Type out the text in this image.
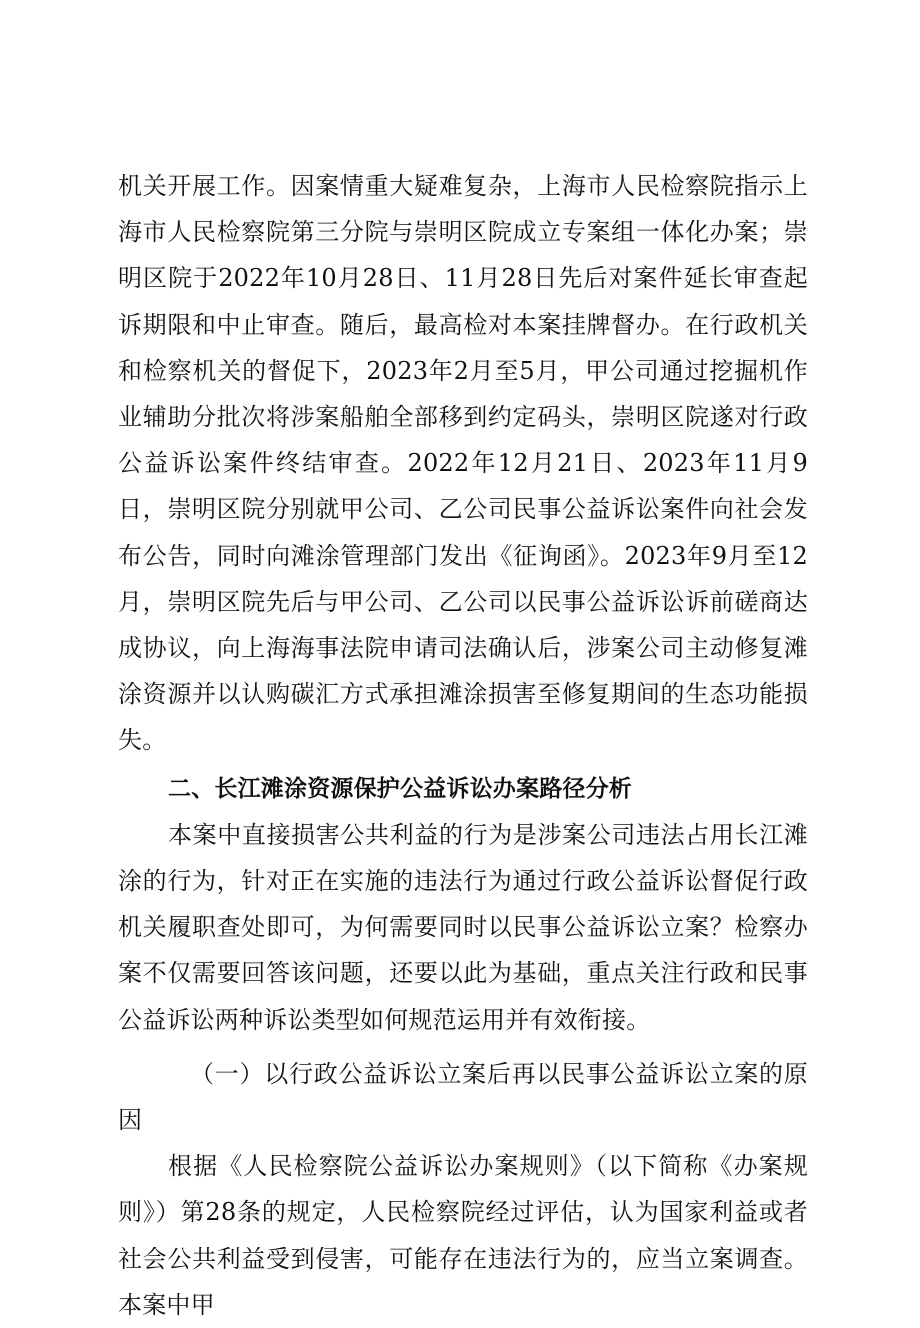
机关开展工作。因案情重大疑难复杂，上海市人民检察院指示上海市人民检察院第三分院与崇明区院成立专案组一体化办案；崇明区院于2022年10月28日、11月28日先后对案件延长审查起诉期限和中止审查。随后，最高检对本案挂牌督办。在行政机关和检察机关的督促下，2023年2月至5月，甲公司通过挖掘机作业辅助分批次将涉案船舶全部移到约定码头，崇明区院遂对行政公益诉讼案件终结审查。2022年12月21日、2023年11月9日，崇明区院分别就甲公司、乙公司民事公益诉讼案件向社会发布公告，同时向滩涂管理部门发出《征询函》。2023年9月至12月，崇明区院先后与甲公司、乙公司以民事公益诉讼诉前磋商达成协议，向上海海事法院申请司法确认后，涉案公司主动修复滩涂资源并以认购碳汇方式承担滩涂损害至修复期间的生态功能损失。

二、长江滩涂资源保护公益诉讼办案路径分析

本案中直接损害公共利益的行为是涉案公司违法占用长江滩涂的行为，针对正在实施的违法行为通过行政公益诉讼督促行政机关履职查处即可，为何需要同时以民事公益诉讼立案？检察办案不仅需要回答该问题，还要以此为基础，重点关注行政和民事公益诉讼两种诉讼类型如何规范运用并有效衔接。

（一）以行政公益诉讼立案后再以民事公益诉讼立案的原因

根据《人民检察院公益诉讼办案规则》（以下简称《办案规则》）第28条的规定，人民检察院经过评估，认为国家利益或者社会公共利益受到侵害，可能存在违法行为的，应当立案调查。本案中甲
